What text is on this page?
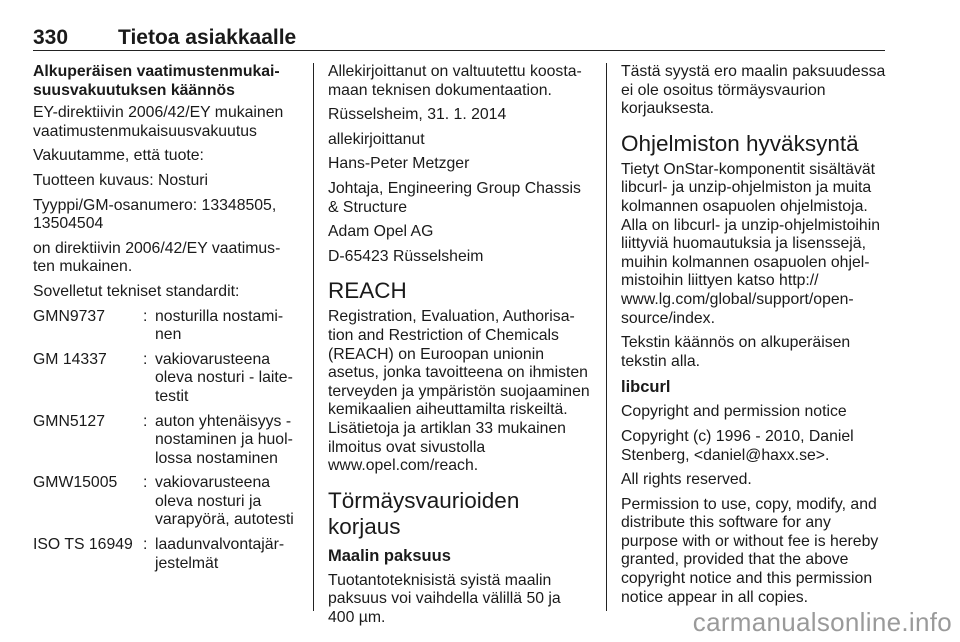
330 Tietoa asiakkaalle

Alkuperäisen vaatimustenmukai-
suusvakuutuksen käännös

EY-direktiivin 2006/42/EY mukainen
vaatimustenmukaisuusvakuutus

Vakuutamme, että tuote:

Tuotteen kuvaus: Nosturi

Tyyppi/GM-osanumero: 13348505,
13504504

on direktiivin 2006/42/EY vaatimus-
ten mukainen.

Sovelletut tekniset standardit:

GMN9737	: nosturilla nostami-
nen
GM 14337	: vakiovarusteena
oleva nosturi - laite-
testit
GMN5127	: auton yhtenäisyys -
nostaminen ja huol-
lossa nostaminen
GMW15005	: vakiovarusteena
oleva nosturi ja
varapyörä, autotesti
ISO TS 16949 : laadunvalvontajär-
jestelmät

Allekirjoittanut on valtuutettu koosta-
maan teknisen dokumentaation.

Rüsselsheim, 31. 1. 2014

allekirjoittanut

Hans-Peter Metzger

Johtaja, Engineering Group Chassis
& Structure

Adam Opel AG

D-65423 Rüsselsheim

REACH

Registration, Evaluation, Authorisa-
tion and Restriction of Chemicals
(REACH) on Euroopan unionin
asetus, jonka tavoitteena on ihmisten
terveyden ja ympäristön suojaaminen
kemikaalien aiheuttamilta riskeiltä.
Lisätietoja ja artiklan 33 mukainen
ilmoitus ovat sivustolla
www.opel.com/reach.

Törmäysvaurioiden korjaus
Maalin paksuus

Tuotantoteknisistä syistä maalin
paksuus voi vaihdella välillä 50 ja
400 µm.

Tästä syystä ero maalin paksuudessa
ei ole osoitus törmäysvaurion
korjauksesta.

Ohjelmiston hyväksyntä

Tietyt OnStar-komponentit sisältävät
libcurl- ja unzip-ohjelmiston ja muita
kolmannen osapuolen ohjelmistoja.
Alla on libcurl- ja unzip-ohjelmistoihin
liittyviä huomautuksia ja lisenssejä,
muihin kolmannen osapuolen ohjel-
mistoihin liittyen katso http://
www.lg.com/global/support/open-
source/index.

Tekstin käännös on alkuperäisen
tekstin alla.

libcurl

Copyright and permission notice

Copyright (c) 1996 - 2010, Daniel
Stenberg, <daniel@haxx.se>.

All rights reserved.

Permission to use, copy, modify, and
distribute this software for any
purpose with or without fee is hereby
granted, provided that the above
copyright notice and this permission
notice appear in all copies.

carmanualsonline.info
